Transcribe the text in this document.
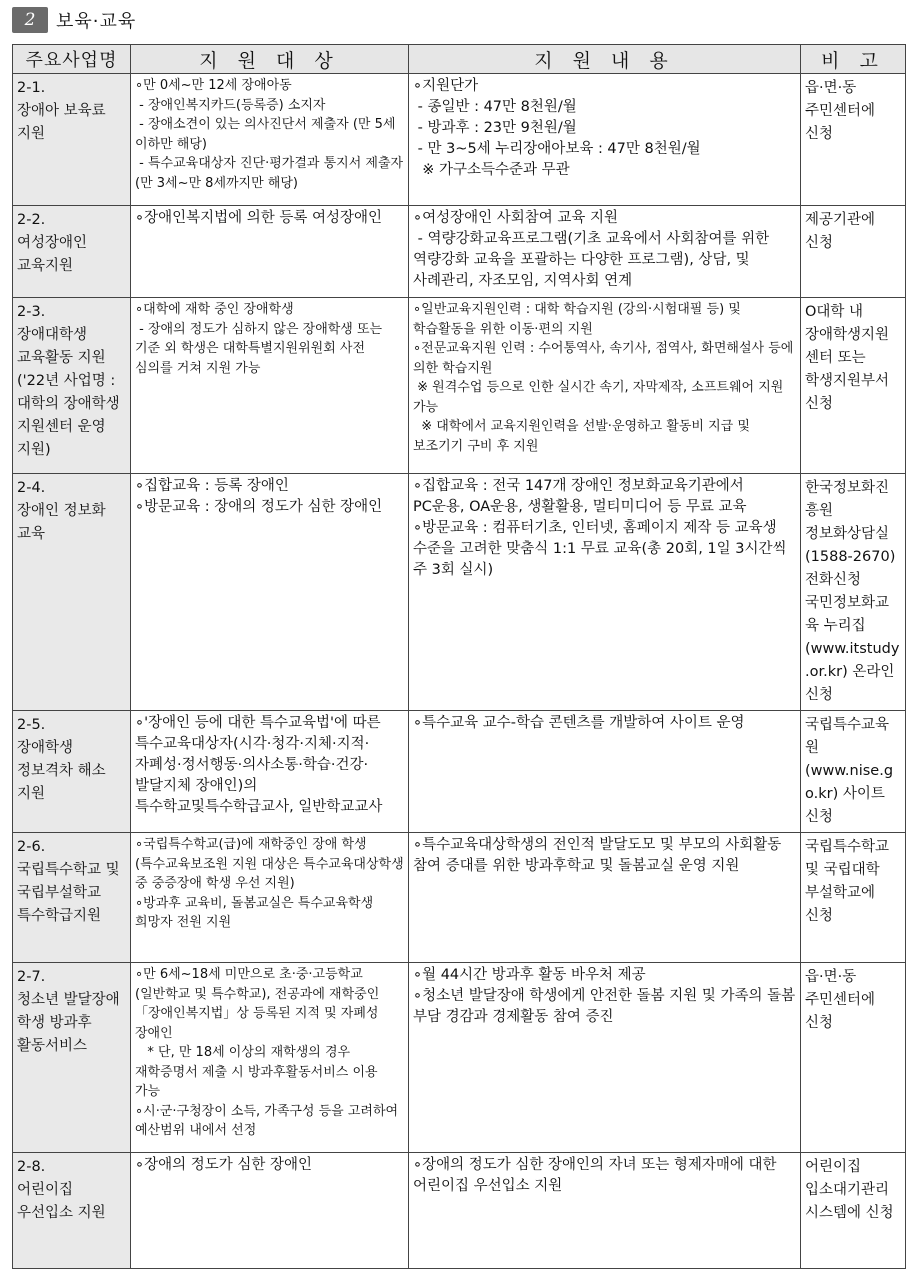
2 보육·교육
주요사업명	지 원 대 상	지 원 내 용	비 고

2-1.
장애아 보육료 지원	∘만 0세~만 12세 장애아동
- 장애인복지카드(등록증) 소지자
- 장애소견이 있는 의사진단서 제출자 (만 5세 이하만 해당)
- 특수교육대상자 진단·평가결과 통지서 제출자(만 3세~만 8세까지만 해당)	∘지원단가
- 종일반 : 47만 8천원/월
- 방과후 : 23만 9천원/월
- 만 3~5세 누리장애아보육 : 47만 8천원/월
※ 가구소득수준과 무관	읍·면·동 주민센터에 신청

2-2.
여성장애인 교육지원	∘장애인복지법에 의한 등록 여성장애인	∘여성장애인 사회참여 교육 지원
- 역량강화교육프로그램(기초 교육에서 사회참여를 위한 역량강화 교육을 포괄하는 다양한 프로그램), 상담, 및 사례관리, 자조모임, 지역사회 연계	제공기관에 신청

2-3.
장애대학생 교육활동 지원 ('22년 사업명 : 대학의 장애학생 지원센터 운영 지원)	∘대학에 재학 중인 장애학생
- 장애의 정도가 심하지 않은 장애학생 또는 기준 외 학생은 대학특별지원위원회 사전 심의를 거쳐 지원 가능	∘일반교육지원인력 : 대학 학습지원 (강의·시험대필 등) 및 학습활동을 위한 이동·편의 지원
∘전문교육지원 인력 : 수어통역사, 속기사, 점역사, 화면해설사 등에 의한 학습지원
※ 원격수업 등으로 인한 실시간 속기, 자막제작, 소프트웨어 지원 가능
※ 대학에서 교육지원인력을 선발·운영하고 활동비 지급 및 보조기기 구비 후 지원	O대학 내 장애학생지원센터 또는 학생지원부서 신청

2-4.
장애인 정보화 교육	∘집합교육 : 등록 장애인
∘방문교육 : 장애의 정도가 심한 장애인	∘집합교육 : 전국 147개 장애인 정보화교육기관에서 PC운용, OA운용, 생활활용, 멀티미디어 등 무료 교육
∘방문교육 : 컴퓨터기초, 인터넷, 홈페이지 제작 등 교육생 수준을 고려한 맞춤식 1:1 무료 교육(총 20회, 1일 3시간씩 주 3회 실시)	한국정보화진흥원 정보화상담실 (1588-2670) 전화신청
국민정보화교육 누리집 (www.itstudy.or.kr) 온라인 신청

2-5.
장애학생 정보격차 해소 지원	∘'장애인 등에 대한 특수교육법'에 따른 특수교육대상자(시각·청각·지체·지적·자폐성·정서행동·의사소통·학습·건강·발달지체 장애인)의 특수학교및특수학급교사, 일반학교교사	∘특수교육 교수-학습 콘텐츠를 개발하여 사이트 운영	국립특수교육원 (www.nise.go.kr) 사이트 신청

2-6.
국립특수학교 및 국립부설학교 특수학급지원	∘국립특수학교(급)에 재학중인 장애 학생(특수교육보조원 지원 대상은 특수교육대상학생 중 중증장애 학생 우선 지원)
∘방과후 교육비, 돌봄교실은 특수교육학생 희망자 전원 지원	∘특수교육대상학생의 전인적 발달도모 및 부모의 사회활동 참여 증대를 위한 방과후학교 및 돌봄교실 운영 지원	국립특수학교 및 국립대학 부설학교에 신청

2-7.
청소년 발달장애 학생 방과후 활동서비스	∘만 6세~18세 미만으로 초·중·고등학교(일반학교 및 특수학교), 전공과에 재학중인 「장애인복지법」상 등록된 지적 및 자폐성 장애인
* 단, 만 18세 이상의 재학생의 경우 재학증명서 제출 시 방과후활동서비스 이용 가능
∘시·군·구청장이 소득, 가족구성 등을 고려하여 예산범위 내에서 선정	∘월 44시간 방과후 활동 바우처 제공
∘청소년 발달장애 학생에게 안전한 돌봄 지원 및 가족의 돌봄 부담 경감과 경제활동 참여 증진	읍·면·동 주민센터에 신청

2-8.
어린이집 우선입소 지원	∘장애의 정도가 심한 장애인	∘장애의 정도가 심한 장애인의 자녀 또는 형제자매에 대한 어린이집 우선입소 지원	어린이집 입소대기관리시스템에 신청
